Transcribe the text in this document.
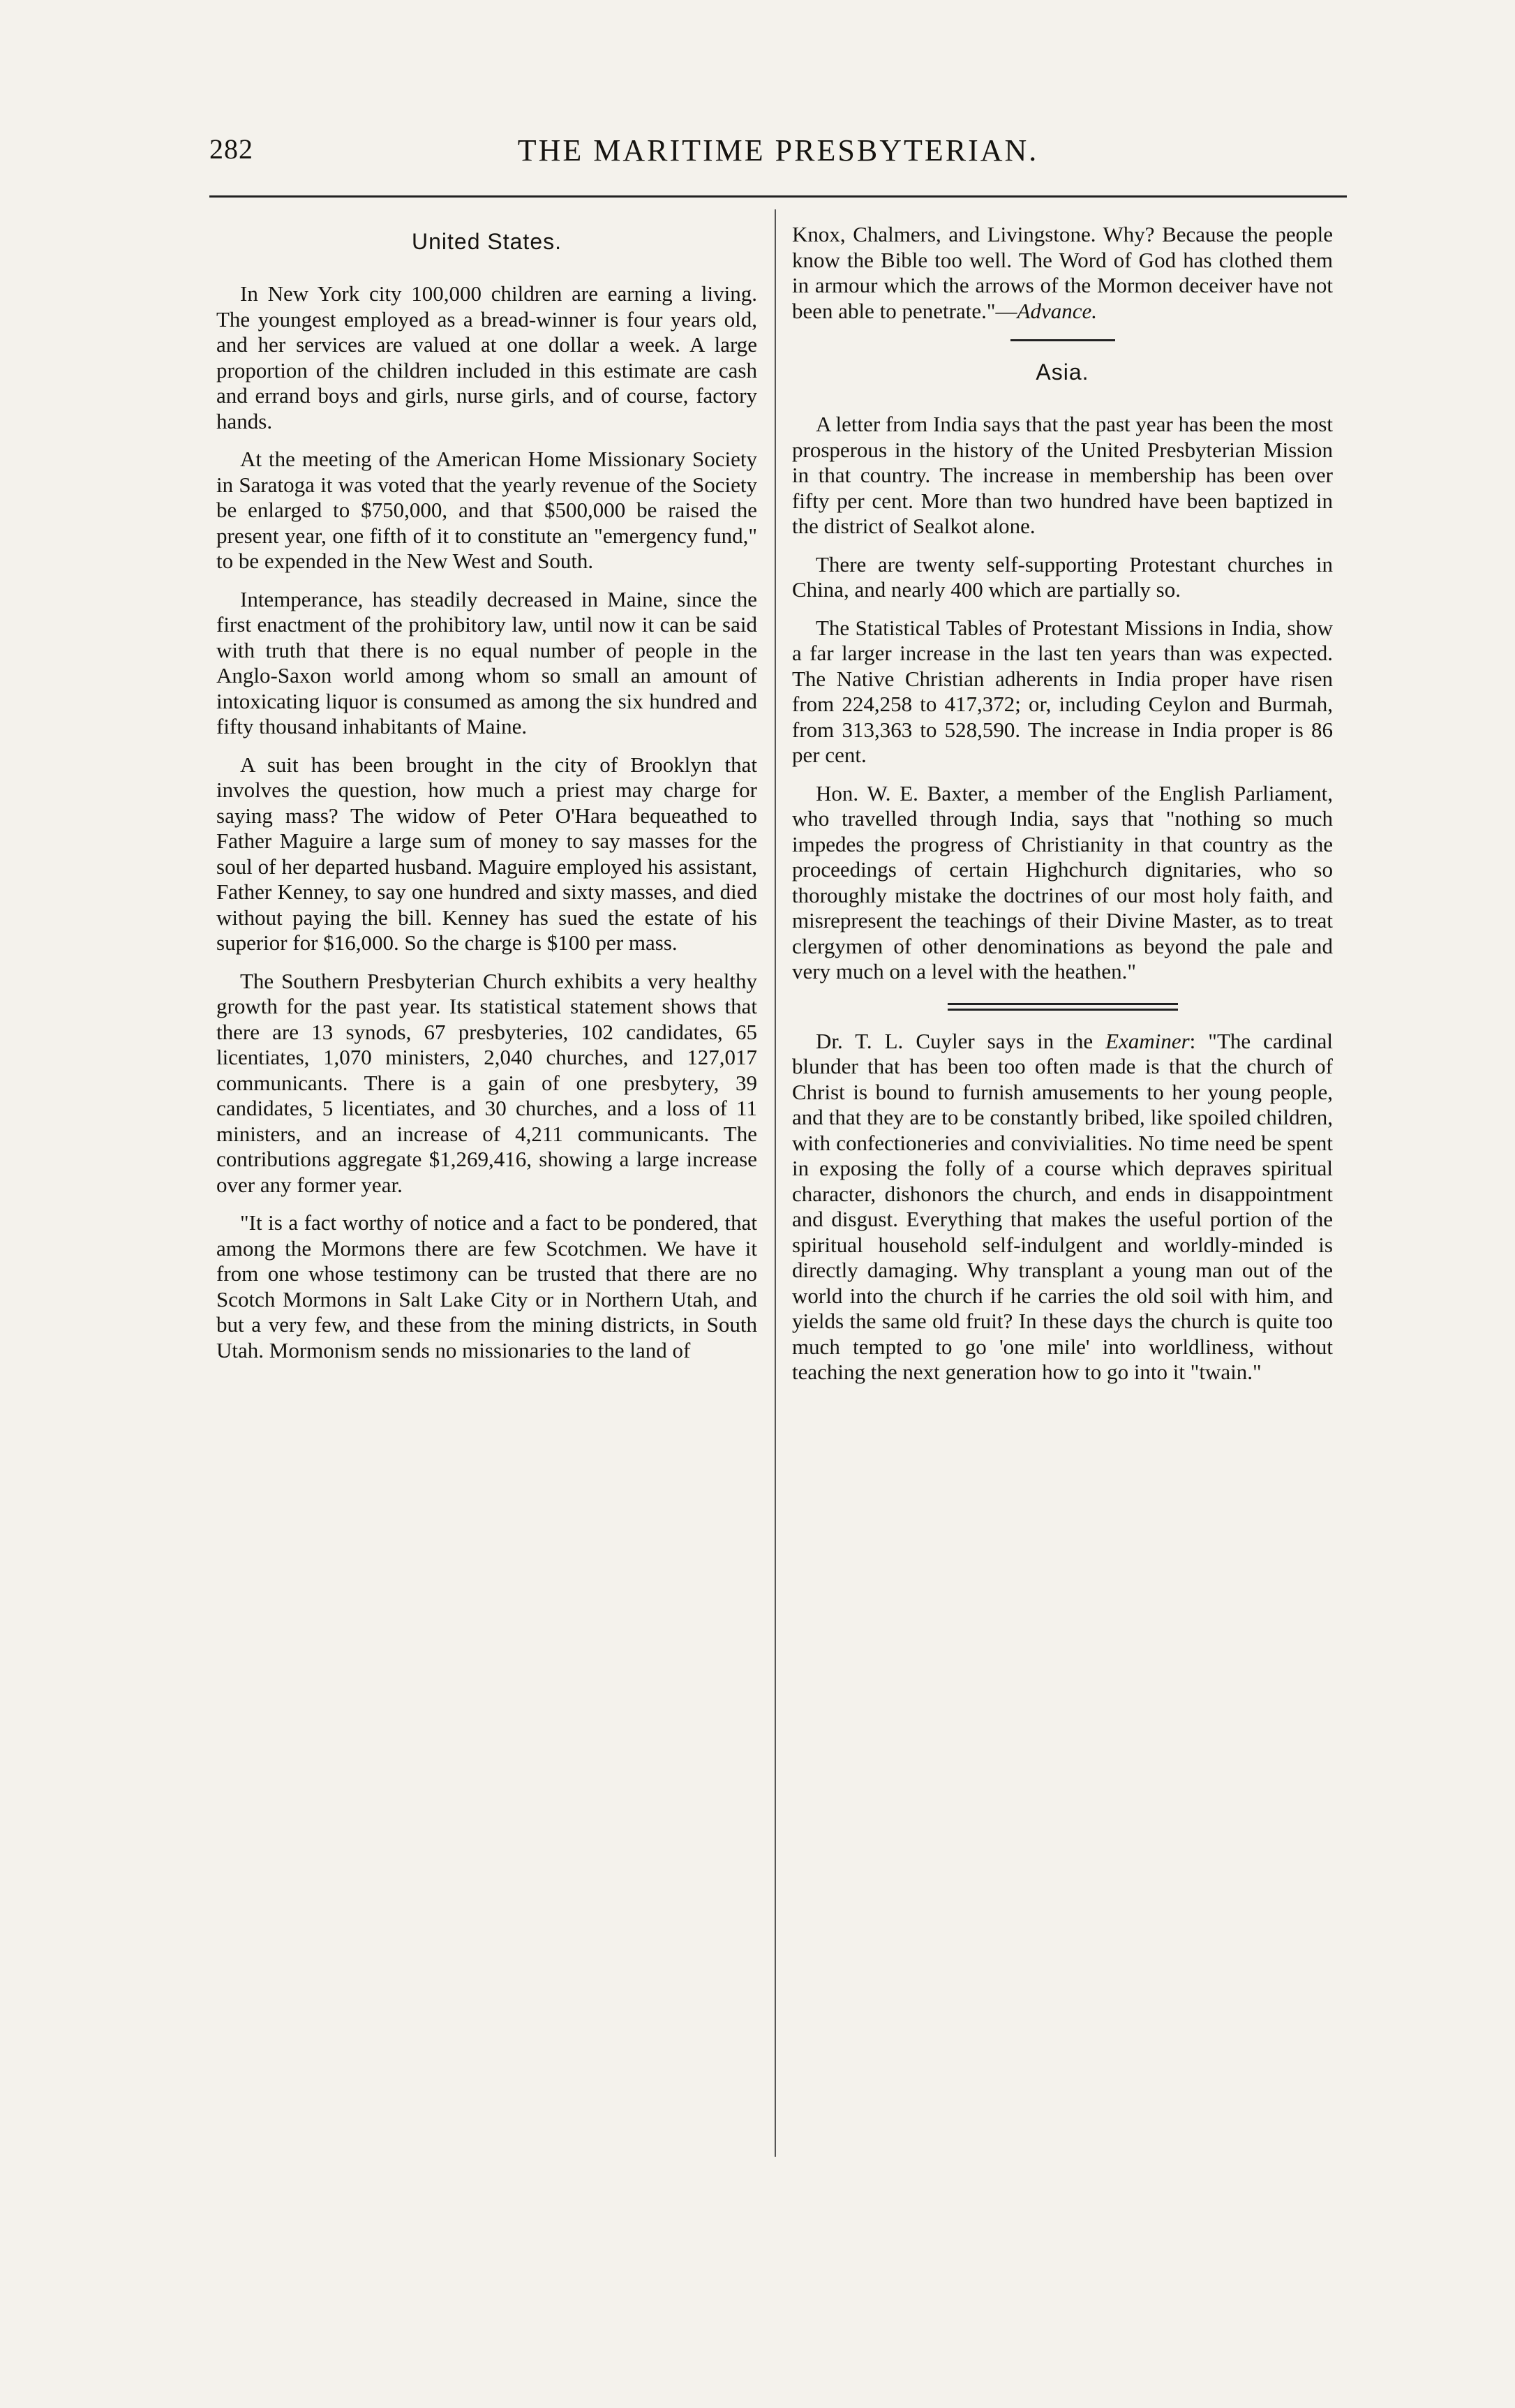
282	THE MARITIME PRESBYTERIAN.
United States.

In New York city 100,000 children are earning a living. The youngest employed as a bread-winner is four years old, and her services are valued at one dollar a week. A large proportion of the children included in this estimate are cash and errand boys and girls, nurse girls, and of course, factory hands.

At the meeting of the American Home Missionary Society in Saratoga it was voted that the yearly revenue of the Society be enlarged to $750,000, and that $500,000 be raised the present year, one fifth of it to constitute an "emergency fund," to be expended in the New West and South.

Intemperance, has steadily decreased in Maine, since the first enactment of the prohibitory law, until now it can be said with truth that there is no equal number of people in the Anglo-Saxon world among whom so small an amount of intoxicating liquor is consumed as among the six hundred and fifty thousand inhabitants of Maine.

A suit has been brought in the city of Brooklyn that involves the question, how much a priest may charge for saying mass? The widow of Peter O'Hara bequeathed to Father Maguire a large sum of money to say masses for the soul of her departed husband. Maguire employed his assistant, Father Kenney, to say one hundred and sixty masses, and died without paying the bill. Kenney has sued the estate of his superior for $16,000. So the charge is $100 per mass.

The Southern Presbyterian Church exhibits a very healthy growth for the past year. Its statistical statement shows that there are 13 synods, 67 presbyteries, 102 candidates, 65 licentiates, 1,070 ministers, 2,040 churches, and 127,017 communicants. There is a gain of one presbytery, 39 candidates, 5 licentiates, and 30 churches, and a loss of 11 ministers, and an increase of 4,211 communicants. The contributions aggregate $1,269,416, showing a large increase over any former year.

"It is a fact worthy of notice and a fact to be pondered, that among the Mormons there are few Scotchmen. We have it from one whose testimony can be trusted that there are no Scotch Mormons in Salt Lake City or in Northern Utah, and but a very few, and these from the mining districts, in South Utah. Mormonism sends no missionaries to the land of

Knox, Chalmers, and Livingstone. Why? Because the people know the Bible too well. The Word of God has clothed them in armour which the arrows of the Mormon deceiver have not been able to penetrate."—Advance.

Asia.

A letter from India says that the past year has been the most prosperous in the history of the United Presbyterian Mission in that country. The increase in membership has been over fifty per cent. More than two hundred have been baptized in the district of Sealkot alone.

There are twenty self-supporting Protestant churches in China, and nearly 400 which are partially so.

The Statistical Tables of Protestant Missions in India, show a far larger increase in the last ten years than was expected. The Native Christian adherents in India proper have risen from 224,258 to 417,372; or, including Ceylon and Burmah, from 313,363 to 528,590. The increase in India proper is 86 per cent.

Hon. W. E. Baxter, a member of the English Parliament, who travelled through India, says that "nothing so much impedes the progress of Christianity in that country as the proceedings of certain Highchurch dignitaries, who so thoroughly mistake the doctrines of our most holy faith, and misrepresent the teachings of their Divine Master, as to treat clergymen of other denominations as beyond the pale and very much on a level with the heathen."

Dr. T. L. Cuyler says in the Examiner: "The cardinal blunder that has been too often made is that the church of Christ is bound to furnish amusements to her young people, and that they are to be constantly bribed, like spoiled children, with confectioneries and convivialities. No time need be spent in exposing the folly of a course which depraves spiritual character, dishonors the church, and ends in disappointment and disgust. Everything that makes the useful portion of the spiritual household self-indulgent and worldly-minded is directly damaging. Why transplant a young man out of the world into the church if he carries the old soil with him, and yields the same old fruit? In these days the church is quite too much tempted to go 'one mile' into worldliness, without teaching the next generation how to go into it "twain."
